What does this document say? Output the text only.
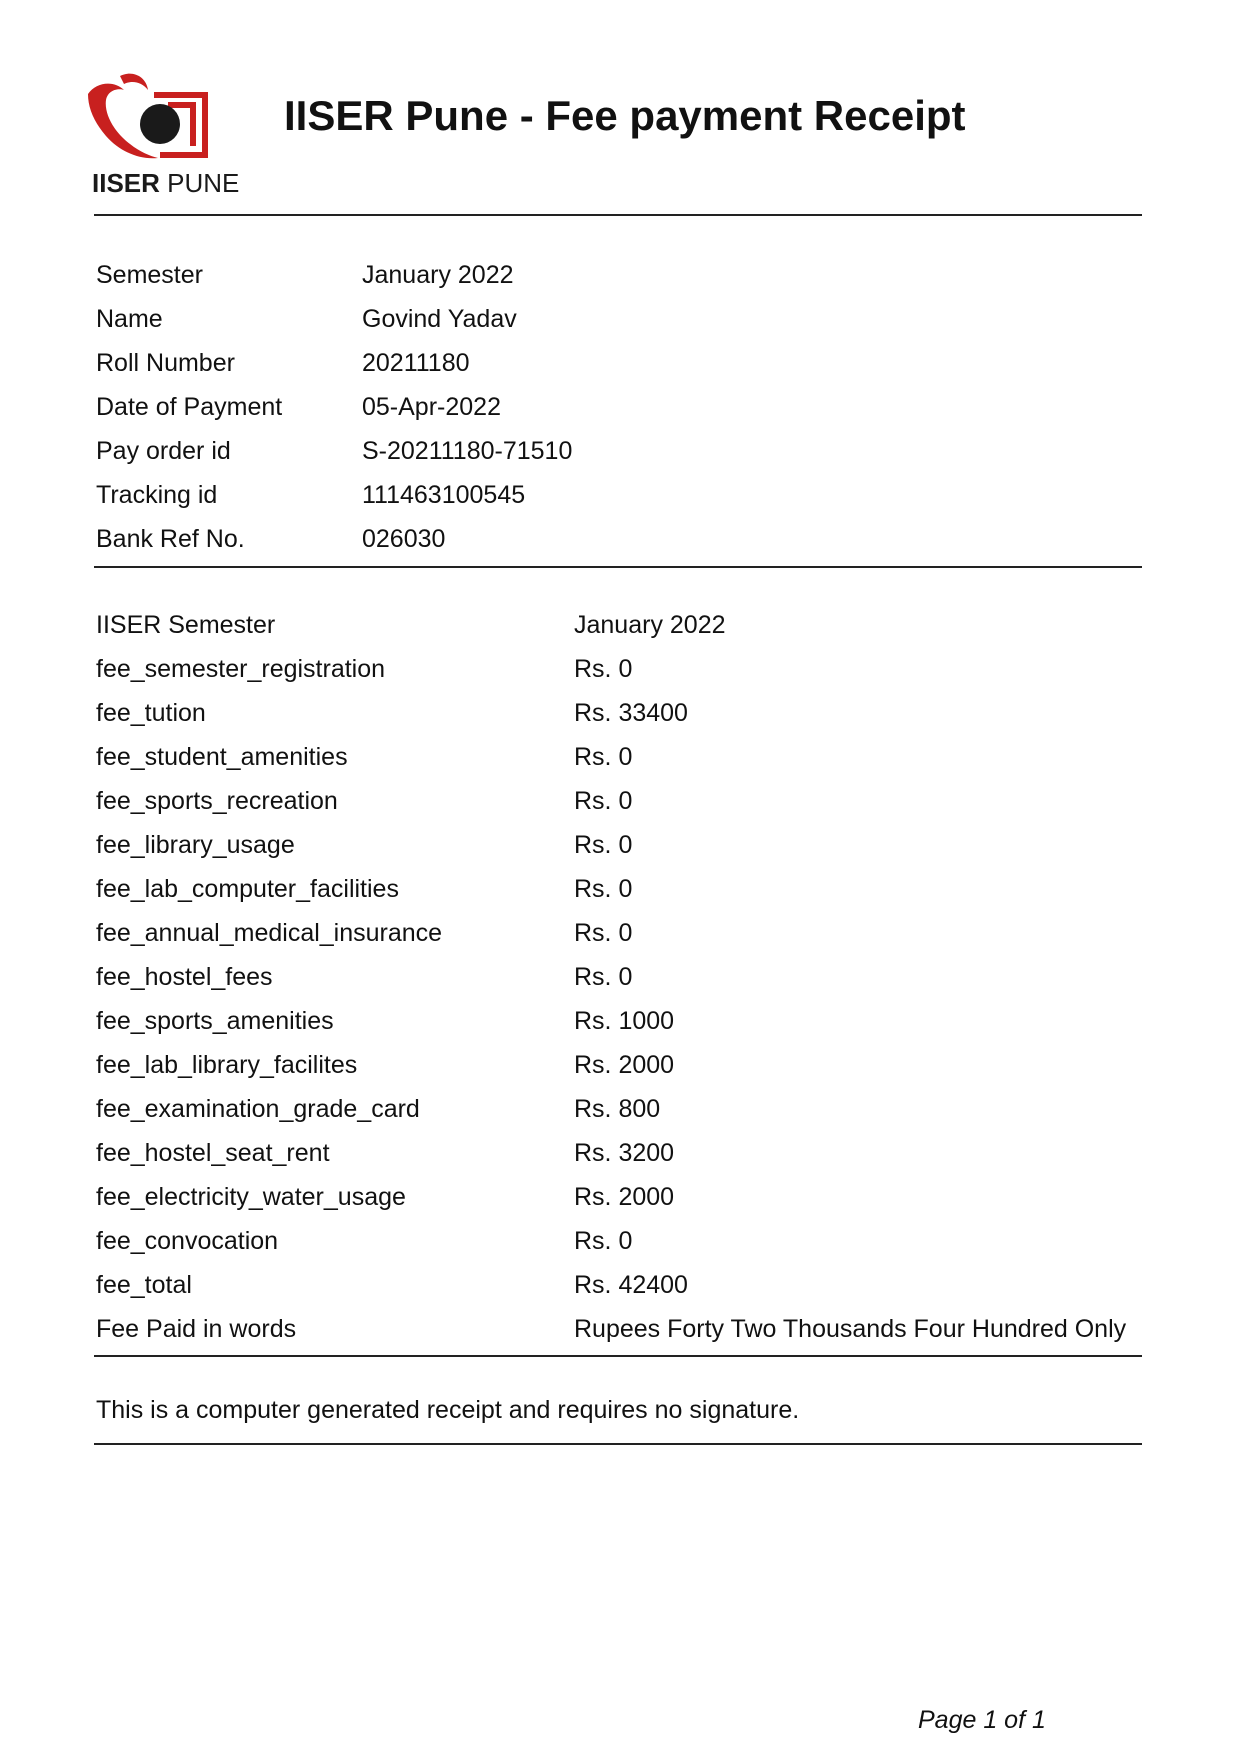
IISER PUNE
IISER Pune - Fee payment Receipt
Semester	January 2022
Name	Govind Yadav
Roll Number	20211180
Date of Payment	05-Apr-2022
Pay order id	S-20211180-71510
Tracking id	111463100545
Bank Ref No.	026030
IISER Semester	January 2022
fee_semester_registration	Rs. 0
fee_tution	Rs. 33400
fee_student_amenities	Rs. 0
fee_sports_recreation	Rs. 0
fee_library_usage	Rs. 0
fee_lab_computer_facilities	Rs. 0
fee_annual_medical_insurance	Rs. 0
fee_hostel_fees	Rs. 0
fee_sports_amenities	Rs. 1000
fee_lab_library_facilites	Rs. 2000
fee_examination_grade_card	Rs. 800
fee_hostel_seat_rent	Rs. 3200
fee_electricity_water_usage	Rs. 2000
fee_convocation	Rs. 0
fee_total	Rs. 42400
Fee Paid in words	Rupees Forty Two Thousands Four Hundred Only
This is a computer generated receipt and requires no signature.
Page 1 of 1
